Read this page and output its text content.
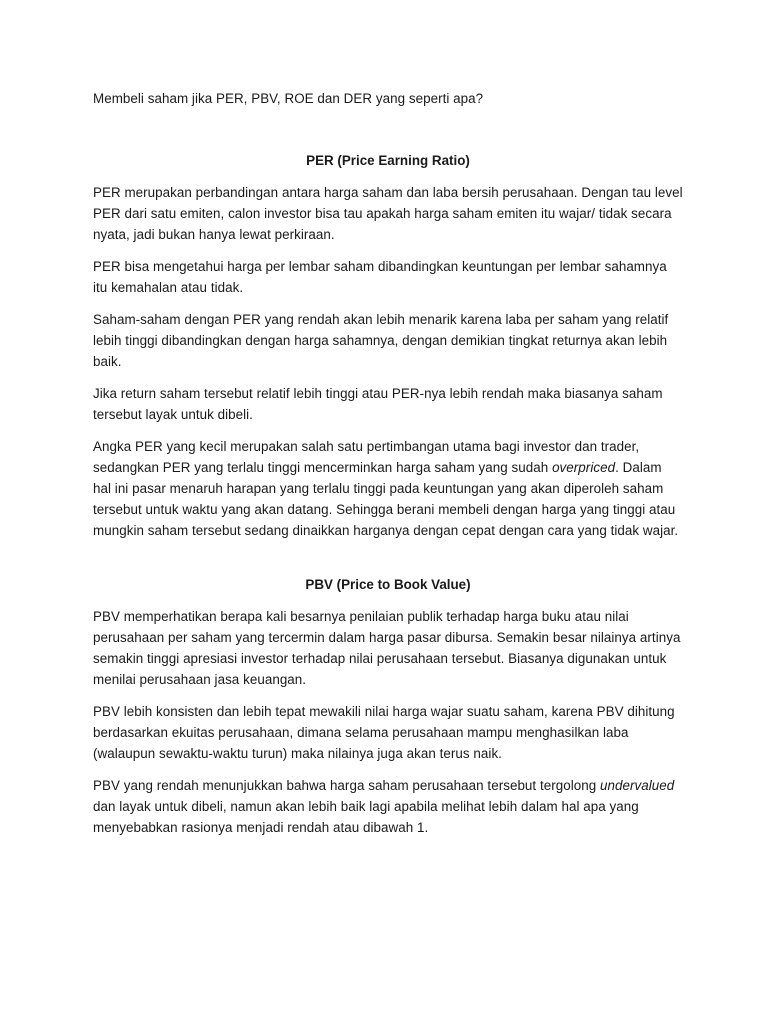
Membeli saham jika PER, PBV, ROE dan DER yang seperti apa?

PER (Price Earning Ratio)

PER merupakan perbandingan antara harga saham dan laba bersih perusahaan. Dengan tau level PER dari satu emiten, calon investor bisa tau apakah harga saham emiten itu wajar/ tidak secara nyata, jadi bukan hanya lewat perkiraan.

PER bisa mengetahui harga per lembar saham dibandingkan keuntungan per lembar sahamnya itu kemahalan atau tidak.

Saham-saham dengan PER yang rendah akan lebih menarik karena laba per saham yang relatif lebih tinggi dibandingkan dengan harga sahamnya, dengan demikian tingkat returnya akan lebih baik.

Jika return saham tersebut relatif lebih tinggi atau PER-nya lebih rendah maka biasanya saham tersebut layak untuk dibeli.

Angka PER yang kecil merupakan salah satu pertimbangan utama bagi investor dan trader, sedangkan PER yang terlalu tinggi mencerminkan harga saham yang sudah overpriced. Dalam hal ini pasar menaruh harapan yang terlalu tinggi pada keuntungan yang akan diperoleh saham tersebut untuk waktu yang akan datang. Sehingga berani membeli dengan harga yang tinggi atau mungkin saham tersebut sedang dinaikkan harganya dengan cepat dengan cara yang tidak wajar.

PBV (Price to Book Value)

PBV memperhatikan berapa kali besarnya penilaian publik terhadap harga buku atau nilai perusahaan per saham yang tercermin dalam harga pasar dibursa. Semakin besar nilainya artinya semakin tinggi apresiasi investor terhadap nilai perusahaan tersebut. Biasanya digunakan untuk menilai perusahaan jasa keuangan.

PBV lebih konsisten dan lebih tepat mewakili nilai harga wajar suatu saham, karena PBV dihitung berdasarkan ekuitas perusahaan, dimana selama perusahaan mampu menghasilkan laba (walaupun sewaktu-waktu turun) maka nilainya juga akan terus naik.

PBV yang rendah menunjukkan bahwa harga saham perusahaan tersebut tergolong undervalued dan layak untuk dibeli, namun akan lebih baik lagi apabila melihat lebih dalam hal apa yang menyebabkan rasionya menjadi rendah atau dibawah 1.
